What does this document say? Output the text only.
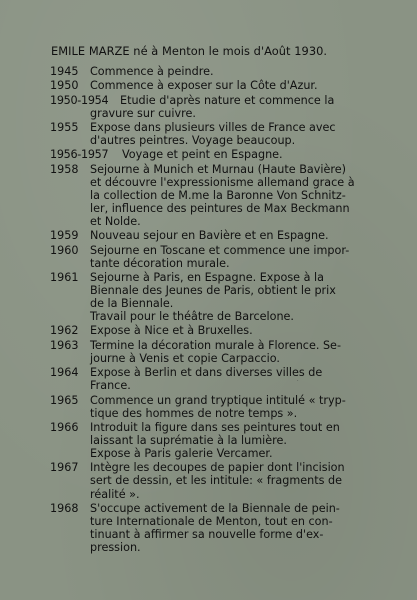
EMILE MARZE né à Menton le mois d'Août 1930.
1945 Commence à peindre.
1950 Commence à exposer sur la Côte d'Azur.
1950-1954 Etudie d'après nature et commence la
gravure sur cuivre.
1955 Expose dans plusieurs villes de France avec
d'autres peintres. Voyage beaucoup.
1956-1957 Voyage et peint en Espagne.
1958 Sejourne à Munich et Murnau (Haute Bavière)
et découvre l'expressionisme allemand grace à
la collection de M.me la Baronne Von Schnitz-
ler, influence des peintures de Max Beckmann
et Nolde.
1959 Nouveau sejour en Bavière et en Espagne.
1960 Sejourne en Toscane et commence une impor-
tante décoration murale.
1961 Sejourne à Paris, en Espagne. Expose à la
Biennale des Jeunes de Paris, obtient le prix
de la Biennale.
Travail pour le théâtre de Barcelone.
1962 Expose à Nice et à Bruxelles.
1963 Termine la décoration murale à Florence. Se-
journe à Venis et copie Carpaccio.
1964 Expose à Berlin et dans diverses villes de
France.
1965 Commence un grand tryptique intitulé « tryp-
tique des hommes de notre temps ».
1966 Introduit la figure dans ses peintures tout en
laissant la suprématie à la lumière.
Expose à Paris galerie Vercamer.
1967 Intègre les decoupes de papier dont l'incision
sert de dessin, et les intitule: « fragments de
réalité ».
1968 S'occupe activement de la Biennale de pein-
ture Internationale de Menton, tout en con-
tinuant à affirmer sa nouvelle forme d'ex-
pression.
·
